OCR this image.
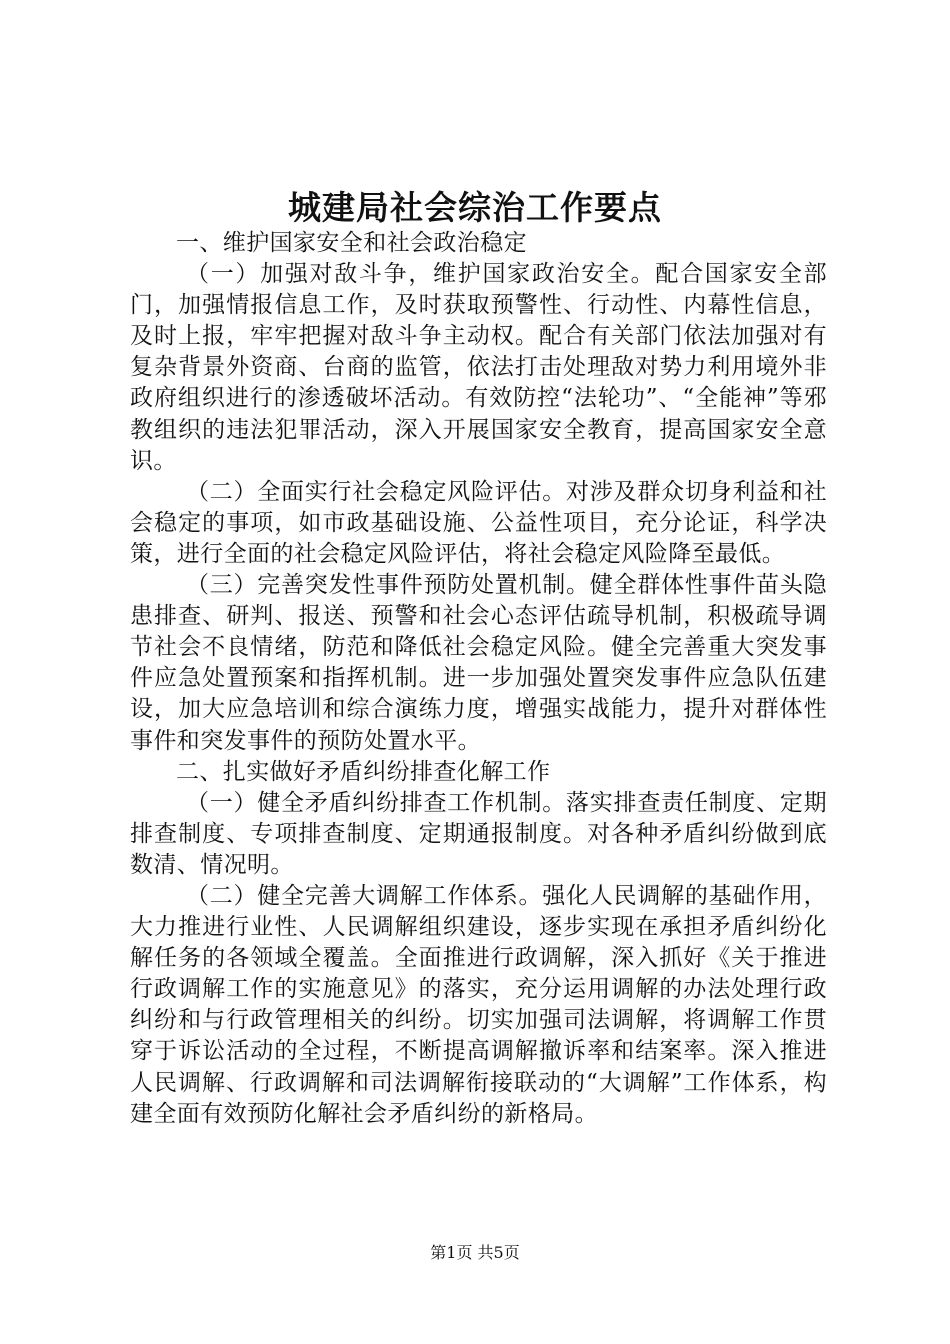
城建局社会综治工作要点

一、维护国家安全和社会政治稳定

（一）加强对敌斗争，维护国家政治安全。配合国家安全部门，加强情报信息工作，及时获取预警性、行动性、内幕性信息，及时上报，牢牢把握对敌斗争主动权。配合有关部门依法加强对有复杂背景外资商、台商的监管，依法打击处理敌对势力利用境外非政府组织进行的渗透破坏活动。有效防控“法轮功”、“全能神”等邪教组织的违法犯罪活动，深入开展国家安全教育，提高国家安全意识。

（二）全面实行社会稳定风险评估。对涉及群众切身利益和社会稳定的事项，如市政基础设施、公益性项目，充分论证，科学决策，进行全面的社会稳定风险评估，将社会稳定风险降至最低。

（三）完善突发性事件预防处置机制。健全群体性事件苗头隐患排查、研判、报送、预警和社会心态评估疏导机制，积极疏导调节社会不良情绪，防范和降低社会稳定风险。健全完善重大突发事件应急处置预案和指挥机制。进一步加强处置突发事件应急队伍建设，加大应急培训和综合演练力度，增强实战能力，提升对群体性事件和突发事件的预防处置水平。

二、扎实做好矛盾纠纷排查化解工作

（一）健全矛盾纠纷排查工作机制。落实排查责任制度、定期排查制度、专项排查制度、定期通报制度。对各种矛盾纠纷做到底数清、情况明。

（二）健全完善大调解工作体系。强化人民调解的基础作用，大力推进行业性、人民调解组织建设，逐步实现在承担矛盾纠纷化解任务的各领域全覆盖。全面推进行政调解，深入抓好《关于推进行政调解工作的实施意见》的落实，充分运用调解的办法处理行政纠纷和与行政管理相关的纠纷。切实加强司法调解，将调解工作贯穿于诉讼活动的全过程，不断提高调解撤诉率和结案率。深入推进人民调解、行政调解和司法调解衔接联动的“大调解”工作体系，构建全面有效预防化解社会矛盾纠纷的新格局。

第1页 共5页
